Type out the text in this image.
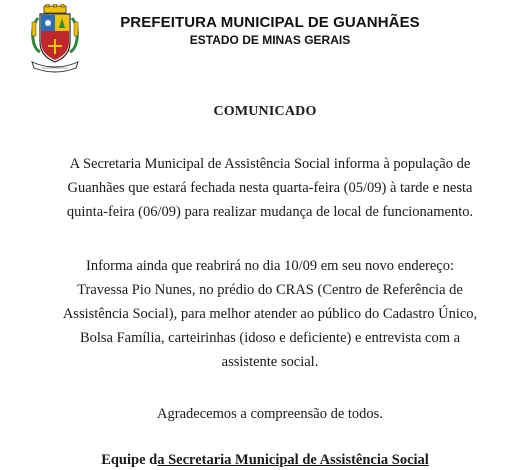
PREFEITURA MUNICIPAL DE GUANHÃES
ESTADO DE MINAS GERAIS
COMUNICADO

A Secretaria Municipal de Assistência Social informa à população de Guanhães que estará fechada nesta quarta-feira (05/09) à tarde e nesta quinta-feira (06/09) para realizar mudança de local de funcionamento.

Informa ainda que reabrirá no dia 10/09 em seu novo endereço: Travessa Pio Nunes, no prédio do CRAS (Centro de Referência de Assistência Social), para melhor atender ao público do Cadastro Único, Bolsa Família, carteirinhas (idoso e deficiente) e entrevista com a assistente social.

Agradecemos a compreensão de todos.

Equipe da Secretaria Municipal de Assistência Social
